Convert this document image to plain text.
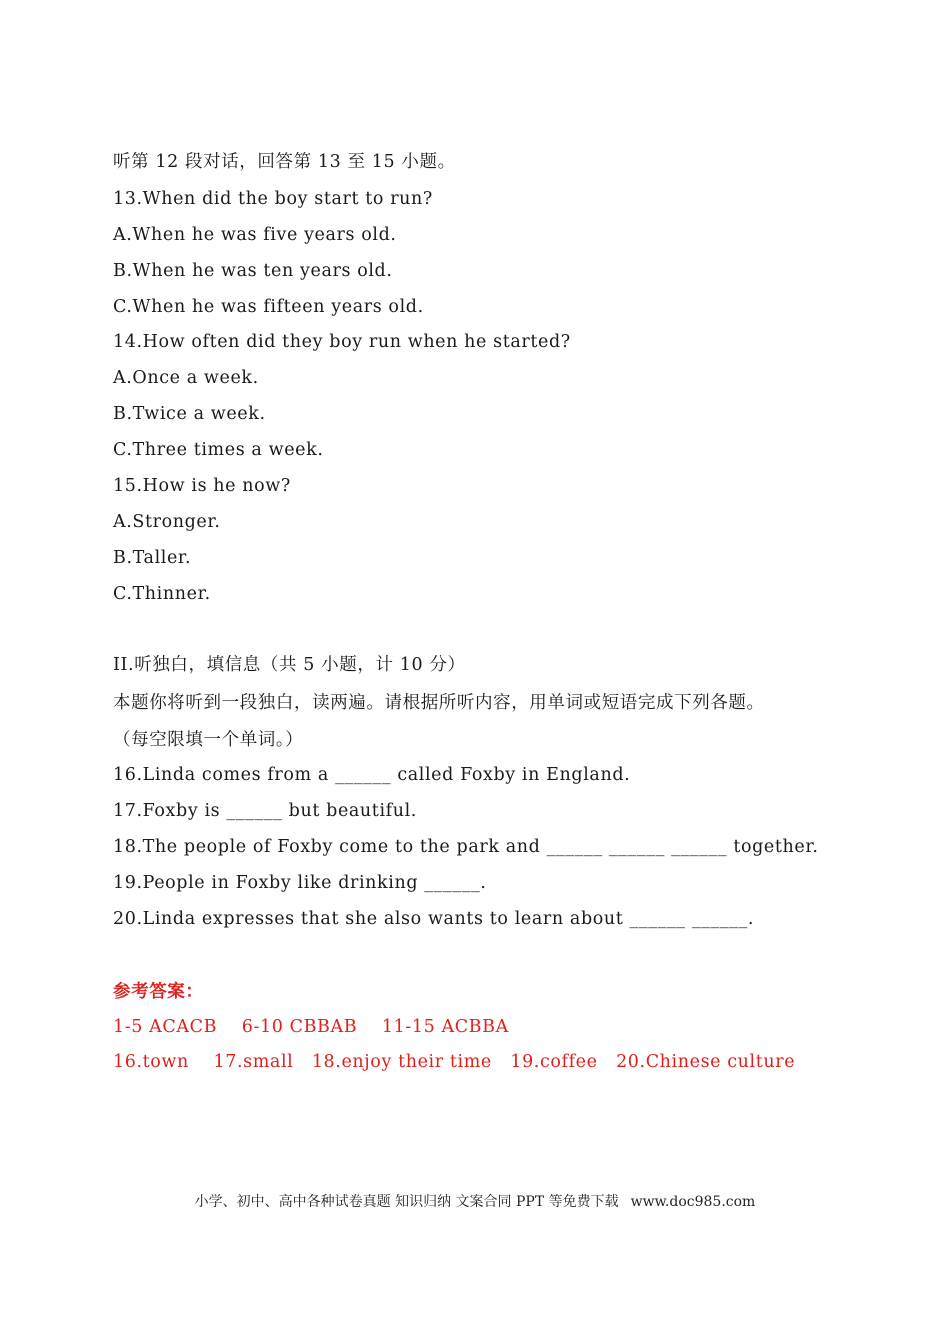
听第 12 段对话，回答第 13 至 15 小题。
13.When did the boy start to run?
A.When he was five years old.
B.When he was ten years old.
C.When he was fifteen years old.
14.How often did they boy run when he started?
A.Once a week.
B.Twice a week.
C.Three times a week.
15.How is he now?
A.Stronger.
B.Taller.
C.Thinner.
II.听独白，填信息（共 5 小题，计 10 分）
本题你将听到一段独白，读两遍。请根据所听内容，用单词或短语完成下列各题。
（每空限填一个单词。）
16.Linda comes from a ______ called Foxby in England.
17.Foxby is ______ but beautiful.
18.The people of Foxby come to the park and ______ ______ ______ together.
19.People in Foxby like drinking ______.
20.Linda expresses that she also wants to learn about ______ ______.
参考答案：
1-5 ACACB    6-10 CBBAB    11-15 ACBBA
16.town    17.small   18.enjoy their time   19.coffee   20.Chinese culture
小学、初中、高中各种试卷真题 知识归纳 文案合同 PPT 等免费下载 www.doc985.com
